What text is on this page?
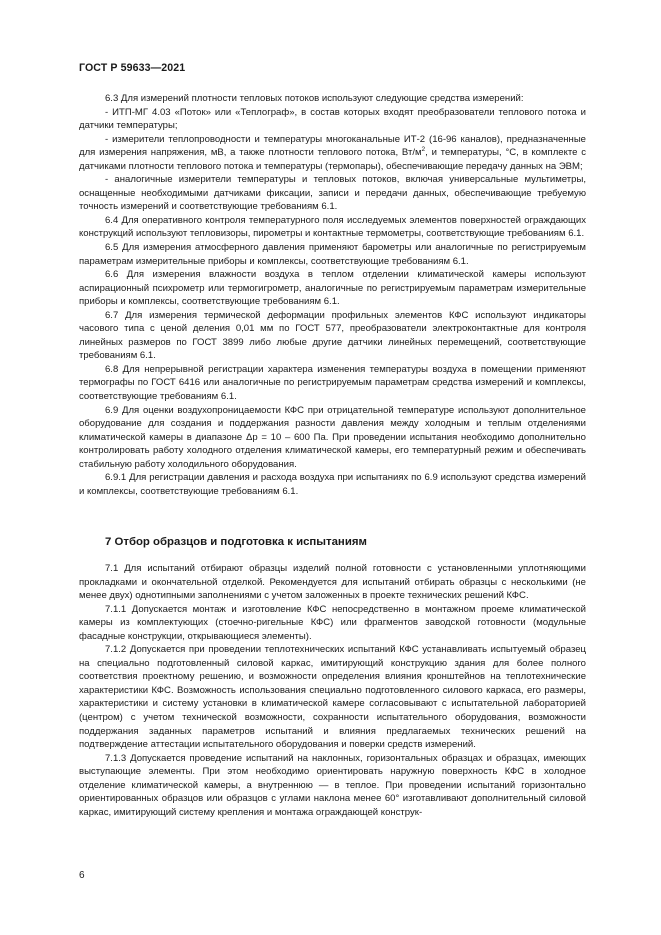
ГОСТ Р 59633—2021

6.3 Для измерений плотности тепловых потоков используют следующие средства измерений:

- ИТП-МГ 4.03 «Поток» или «Теплограф», в состав которых входят преобразователи теплового потока и датчики температуры;

- измерители теплопроводности и температуры многоканальные ИТ-2 (16-96 каналов), предназначенные для измерения напряжения, мВ, а также плотности теплового потока, $Вт/м^2$, и температуры, °С, в комплекте с датчиками плотности теплового потока и температуры (термопары), обеспечивающие передачу данных на ЭВМ;

- аналогичные измерители температуры и тепловых потоков, включая универсальные мультиметры, оснащенные необходимыми датчиками фиксации, записи и передачи данных, обеспечивающие требуемую точность измерений и соответствующие требованиям 6.1.

6.4 Для оперативного контроля температурного поля исследуемых элементов поверхностей ограждающих конструкций используют тепловизоры, пирометры и контактные термометры, соответствующие требованиям 6.1.

6.5 Для измерения атмосферного давления применяют барометры или аналогичные по регистрируемым параметрам измерительные приборы и комплексы, соответствующие требованиям 6.1.

6.6 Для измерения влажности воздуха в теплом отделении климатической камеры используют аспирационный психрометр или термогигрометр, аналогичные по регистрируемым параметрам измерительные приборы и комплексы, соответствующие требованиям 6.1.

6.7 Для измерения термической деформации профильных элементов КФС используют индикаторы часового типа с ценой деления 0,01 мм по ГОСТ 577, преобразователи электроконтактные для контроля линейных размеров по ГОСТ 3899 либо любые другие датчики линейных перемещений, соответствующие требованиям 6.1.

6.8 Для непрерывной регистрации характера изменения температуры воздуха в помещении применяют термографы по ГОСТ 6416 или аналогичные по регистрируемым параметрам средства измерений и комплексы, соответствующие требованиям 6.1.

6.9 Для оценки воздухопроницаемости КФС при отрицательной температуре используют дополнительное оборудование для создания и поддержания разности давления между холодным и теплым отделениями климатической камеры в диапазоне Δp = 10 – 600 Па. При проведении испытания необходимо дополнительно контролировать работу холодного отделения климатической камеры, его температурный режим и обеспечивать стабильную работу холодильного оборудования.

6.9.1 Для регистрации давления и расхода воздуха при испытаниях по 6.9 используют средства измерений и комплексы, соответствующие требованиям 6.1.

7 Отбор образцов и подготовка к испытаниям

7.1 Для испытаний отбирают образцы изделий полной готовности с установленными уплотняющими прокладками и окончательной отделкой. Рекомендуется для испытаний отбирать образцы с несколькими (не менее двух) однотипными заполнениями с учетом заложенных в проекте технических решений КФС.

7.1.1 Допускается монтаж и изготовление КФС непосредственно в монтажном проеме климатической камеры из комплектующих (стоечно-ригельные КФС) или фрагментов заводской готовности (модульные фасадные конструкции, открывающиеся элементы).

7.1.2 Допускается при проведении теплотехнических испытаний КФС устанавливать испытуемый образец на специально подготовленный силовой каркас, имитирующий конструкцию здания для более полного соответствия проектному решению, и возможности определения влияния кронштейнов на теплотехнические характеристики КФС. Возможность использования специально подготовленного силового каркаса, его размеры, характеристики и систему установки в климатической камере согласовывают с испытательной лабораторией (центром) с учетом технической возможности, сохранности испытательного оборудования, возможности поддержания заданных параметров испытаний и влияния предлагаемых технических решений на подтверждение аттестации испытательного оборудования и поверки средств измерений.

7.1.3 Допускается проведение испытаний на наклонных, горизонтальных образцах и образцах, имеющих выступающие элементы. При этом необходимо ориентировать наружную поверхность КФС в холодное отделение климатической камеры, а внутреннюю — в теплое. При проведении испытаний горизонтально ориентированных образцов или образцов с углами наклона менее 60° изготавливают дополнительный силовой каркас, имитирующий систему крепления и монтажа ограждающей конструк-

6
